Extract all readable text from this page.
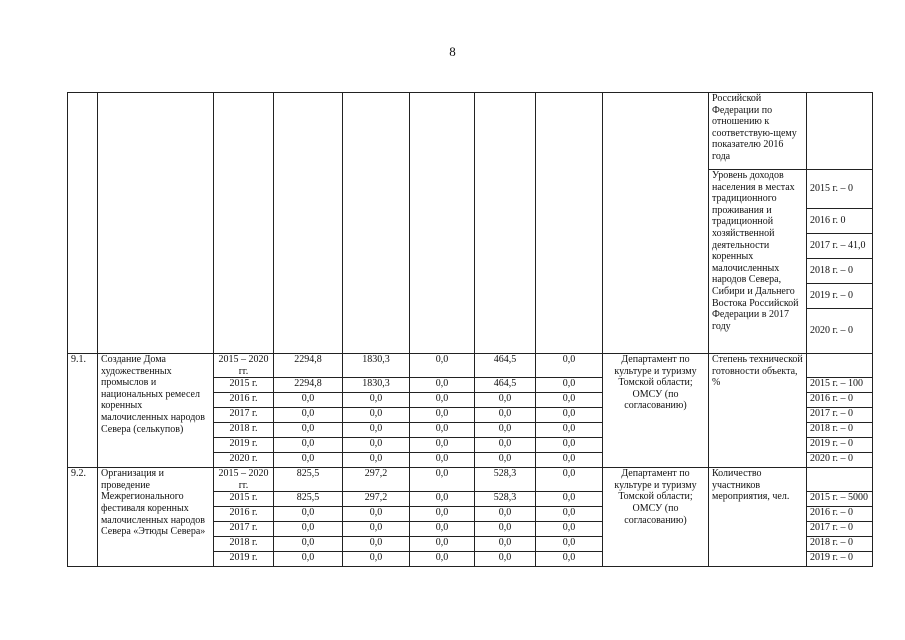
8
									Российской Федерации по отношению к соответствую-щему показателю 2016 года	
									Уровень доходов населения в местах традиционного проживания и традиционной хозяйственной деятельности коренных малочисленных народов Севера, Сибири и Дальнего Востока Российской Федерации в 2017 году	2015 г. – 0
										2016 г. 0
										2017 г. – 41,0
										2018 г. – 0
										2019 г. – 0
										2020 г. – 0
9.1.	Создание Дома художественных промыслов и национальных ремесел коренных малочисленных народов Севера (селькупов)	2015 – 2020 гг.	2294,8	1830,3	0,0	464,5	0,0	Департамент по культуре и туризму Томской области; ОМСУ (по согласованию)	Степень технической готовности объекта, %	
		2015 г.	2294,8	1830,3	0,0	464,5	0,0			2015 г. – 100
		2016 г.	0,0	0,0	0,0	0,0	0,0			2016 г. – 0
		2017 г.	0,0	0,0	0,0	0,0	0,0			2017 г. – 0
		2018 г.	0,0	0,0	0,0	0,0	0,0			2018 г. – 0
		2019 г.	0,0	0,0	0,0	0,0	0,0			2019 г. – 0
		2020 г.	0,0	0,0	0,0	0,0	0,0			2020 г. – 0
9.2.	Организация и проведение Межрегионального фестиваля коренных малочисленных народов Севера «Этюды Севера»	2015 – 2020 гг.	825,5	297,2	0,0	528,3	0,0	Департамент по культуре и туризму Томской области; ОМСУ (по согласованию)	Количество участников мероприятия, чел.	
		2015 г.	825,5	297,2	0,0	528,3	0,0			2015 г. – 5000
		2016 г.	0,0	0,0	0,0	0,0	0,0			2016 г. – 0
		2017 г.	0,0	0,0	0,0	0,0	0,0			2017 г. – 0
		2018 г.	0,0	0,0	0,0	0,0	0,0			2018 г. – 0
		2019 г.	0,0	0,0	0,0	0,0	0,0			2019 г. – 0
